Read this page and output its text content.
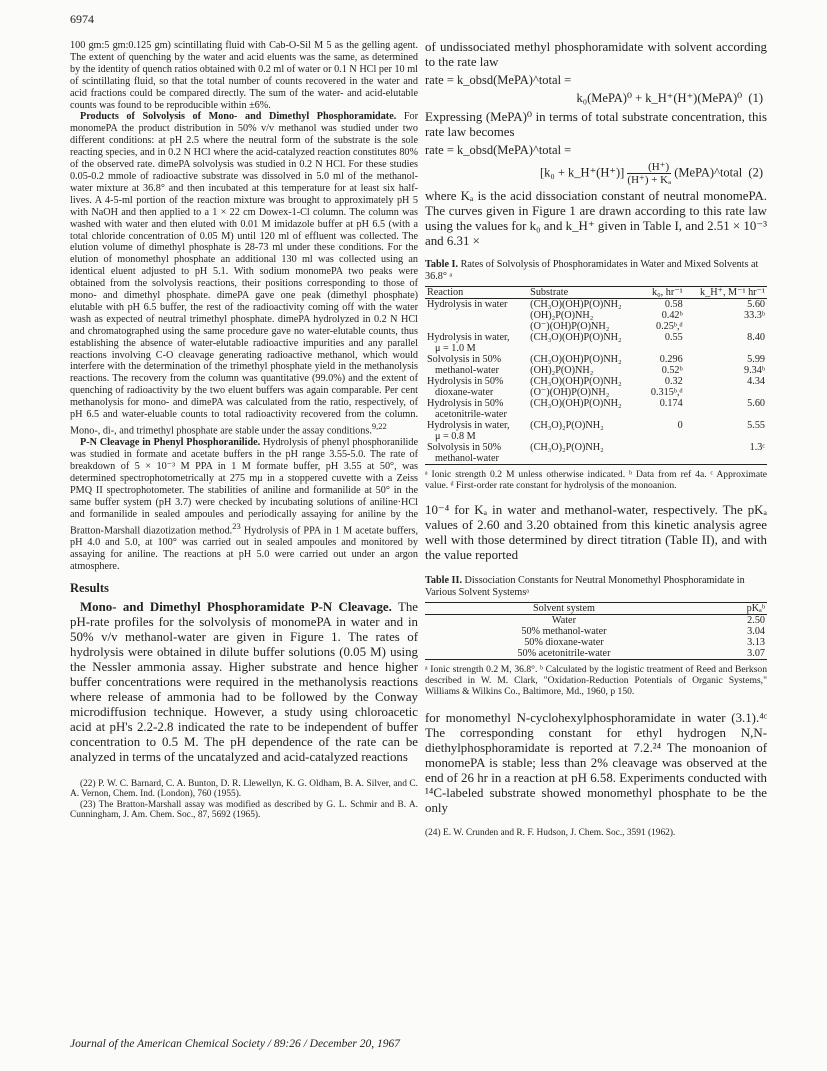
6974

100 gm:5 gm:0.125 gm) scintillating fluid with Cab-O-Sil M 5 as the gelling agent. The extent of quenching by the water and acid eluents was the same, as determined by the identity of quench ratios obtained with 0.2 ml of water or 0.1 N HCl per 10 ml of scintillating fluid, so that the total number of counts recovered in the water and acid fractions could be compared directly. The sum of the water- and acid-elutable counts was found to be reproducible within ±6%.

Products of Solvolysis of Mono- and Dimethyl Phosphoramidate. For monomePA the product distribution in 50% v/v methanol was studied under two different conditions: at pH 2.5 where the neutral form of the substrate is the sole reacting species, and in 0.2 N HCl where the acid-catalyzed reaction constitutes 80% of the observed rate. dimePA solvolysis was studied in 0.2 N HCl. For these studies 0.05-0.2 mmole of radioactive substrate was dissolved in 5.0 ml of the methanol-water mixture at 36.8° and then incubated at this temperature for at least six half-lives. A 4-5-ml portion of the reaction mixture was brought to approximately pH 5 with NaOH and then applied to a 1 × 22 cm Dowex-1-Cl column. The column was washed with water and then eluted with 0.01 M imidazole buffer at pH 6.5 (with a total chloride concentration of 0.05 M) until 120 ml of effluent was collected. The elution volume of dimethyl phosphate is 28-73 ml under these conditions. For the elution of monomethyl phosphate an additional 130 ml was collected using an identical eluent adjusted to pH 5.1. With sodium monomePA two peaks were obtained from the solvolysis reactions, their positions corresponding to those of mono- and dimethyl phosphate. dimePA gave one peak (dimethyl phosphate) elutable with pH 6.5 buffer, the rest of the radioactivity coming off with the water wash as expected of neutral trimethyl phosphate. dimePA hydrolyzed in 0.2 N HCl and chromatographed using the same procedure gave no water-elutable counts, thus establishing the absence of water-elutable radioactive impurities and any parallel reactions involving C-O cleavage generating radioactive methanol, which would interfere with the determination of the trimethyl phosphate yield in the methanolysis reactions. The recovery from the column was quantitative (99.0%) and the extent of quenching of radioactivity by the two eluent buffers was again comparable. Per cent methanolysis for mono- and dimePA was calculated from the ratio, respectively, of pH 6.5 and water-eluable counts to total radioactivity recovered from the column. Mono-, di-, and trimethyl phosphate are stable under the assay conditions.$^{9,22}$

P-N Cleavage in Phenyl Phosphoranilide. Hydrolysis of phenyl phosphoranilide was studied in formate and acetate buffers in the pH range 3.55-5.0. The rate of breakdown of 5 × 10⁻³ M PPA in 1 M formate buffer, pH 3.55 at 50°, was determined spectrophotometrically at 275 mμ in a stoppered cuvette with a Zeiss PMQ II spectrophotometer. The stabilities of aniline and formanilide at 50° in the same buffer system (pH 3.7) were checked by incubating solutions of aniline·HCl and formanilide in sealed ampoules and periodically assaying for aniline by the Bratton-Marshall diazotization method.$^{23}$ Hydrolysis of PPA in 1 M acetate buffers, pH 4.0 and 5.0, at 100° was carried out in sealed ampoules and monitored by assaying for aniline. The reactions at pH 5.0 were carried out under an argon atmosphere.

Results

Mono- and Dimethyl Phosphoramidate P-N Cleavage. The pH-rate profiles for the solvolysis of monomePA in water and in 50% v/v methanol-water are given in Figure 1. The rates of hydrolysis were obtained in dilute buffer solutions (0.05 M) using the Nessler ammonia assay. Higher substrate and hence higher buffer concentrations were required in the methanolysis reactions where release of ammonia had to be followed by the Conway microdiffusion technique. However, a study using chloroacetic acid at pH's 2.2-2.8 indicated the rate to be independent of buffer concentration to 0.5 M. The pH dependence of the rate can be analyzed in terms of the uncatalyzed and acid-catalyzed reactions

(22) P. W. C. Barnard, C. A. Bunton, D. R. Llewellyn, K. G. Oldham, B. A. Silver, and C. A. Vernon, Chem. Ind. (London), 760 (1955).

(23) The Bratton-Marshall assay was modified as described by G. L. Schmir and B. A. Cunningham, J. Am. Chem. Soc., 87, 5692 (1965).

of undissociated methyl phosphoramidate with solvent according to the rate law
rate = k_obsd(MePA)^total =
k₀(MePA)⁰ + k_H⁺(H⁺)(MePA)⁰ (1)
Expressing (MePA)⁰ in terms of total substrate concentration, this rate law becomes
rate = k_obsd(MePA)^total =
[k₀ + k_H⁺(H⁺)] $\frac{(H^+)}{\text{(H⁺) + Kₐ}}$ (MePA)^total (2)
where Kₐ is the acid dissociation constant of neutral monomePA. The curves given in Figure 1 are drawn according to this rate law using the values for k₀ and k_H⁺ given in Table I, and 2.51 × 10⁻³ and 6.31 ×
Table I. Rates of Solvolysis of Phosphoramidates in Water and Mixed Solvents at 36.8° ᵃ
Reaction	Substrate	k₀, hr⁻¹	k_H⁺, M⁻¹ hr⁻¹
Hydrolysis in water	(CH₃O)(OH)P(O)NH₂	0.58	5.60
	(OH)₂P(O)NH₂	0.42ᵇ	33.3ᵇ
	(O⁻)(OH)P(O)NH₂	0.25ᵇ,ᵈ	
Hydrolysis in water,	(CH₃O)(OH)P(O)NH₂	0.55	8.40
μ = 1.0 M			
Solvolysis in 50%	(CH₃O)(OH)P(O)NH₂	0.296	5.99
methanol-water	(OH)₂P(O)NH₂	0.52ᵇ	9.34ᵇ
Hydrolysis in 50%	(CH₃O)(OH)P(O)NH₂	0.32	4.34
dioxane-water	(O⁻)(OH)P(O)NH₂	0.315ᵇ,ᵈ	
Hydrolysis in 50%	(CH₃O)(OH)P(O)NH₂	0.174	5.60
acetonitrile-water			
Hydrolysis in water,	(CH₃O)₂P(O)NH₂	0	5.55
μ = 0.8 M			
Solvolysis in 50%	(CH₃O)₂P(O)NH₂		1.3ᶜ
methanol-water			
ᵃ Ionic strength 0.2 M unless otherwise indicated. ᵇ Data from ref 4a. ᶜ Approximate value. ᵈ First-order rate constant for hydrolysis of the monoanion.
10⁻⁴ for Kₐ in water and methanol-water, respectively. The pKₐ values of 2.60 and 3.20 obtained from this kinetic analysis agree well with those determined by direct titration (Table II), and with the value reported
Table II. Dissociation Constants for Neutral Monomethyl Phosphoramidate in Various Solvent Systemsᵃ
Solvent system	pKₐᵇ
Water	2.50
50% methanol-water	3.04
50% dioxane-water	3.13
50% acetonitrile-water	3.07
ᵃ Ionic strength 0.2 M, 36.8°. ᵇ Calculated by the logistic treatment of Reed and Berkson described in W. M. Clark, "Oxidation-Reduction Potentials of Organic Systems," Williams & Wilkins Co., Baltimore, Md., 1960, p 150.
for monomethyl N-cyclohexylphosphoramidate in water (3.1).⁴ᶜ The corresponding constant for ethyl hydrogen N,N-diethylphosphoramidate is reported at 7.2.²⁴ The monoanion of monomePA is stable; less than 2% cleavage was observed at the end of 26 hr in a reaction at pH 6.58. Experiments conducted with ¹⁴C-labeled substrate showed monomethyl phosphate to be the only
(24) E. W. Crunden and R. F. Hudson, J. Chem. Soc., 3591 (1962).
Journal of the American Chemical Society / 89:26 / December 20, 1967
